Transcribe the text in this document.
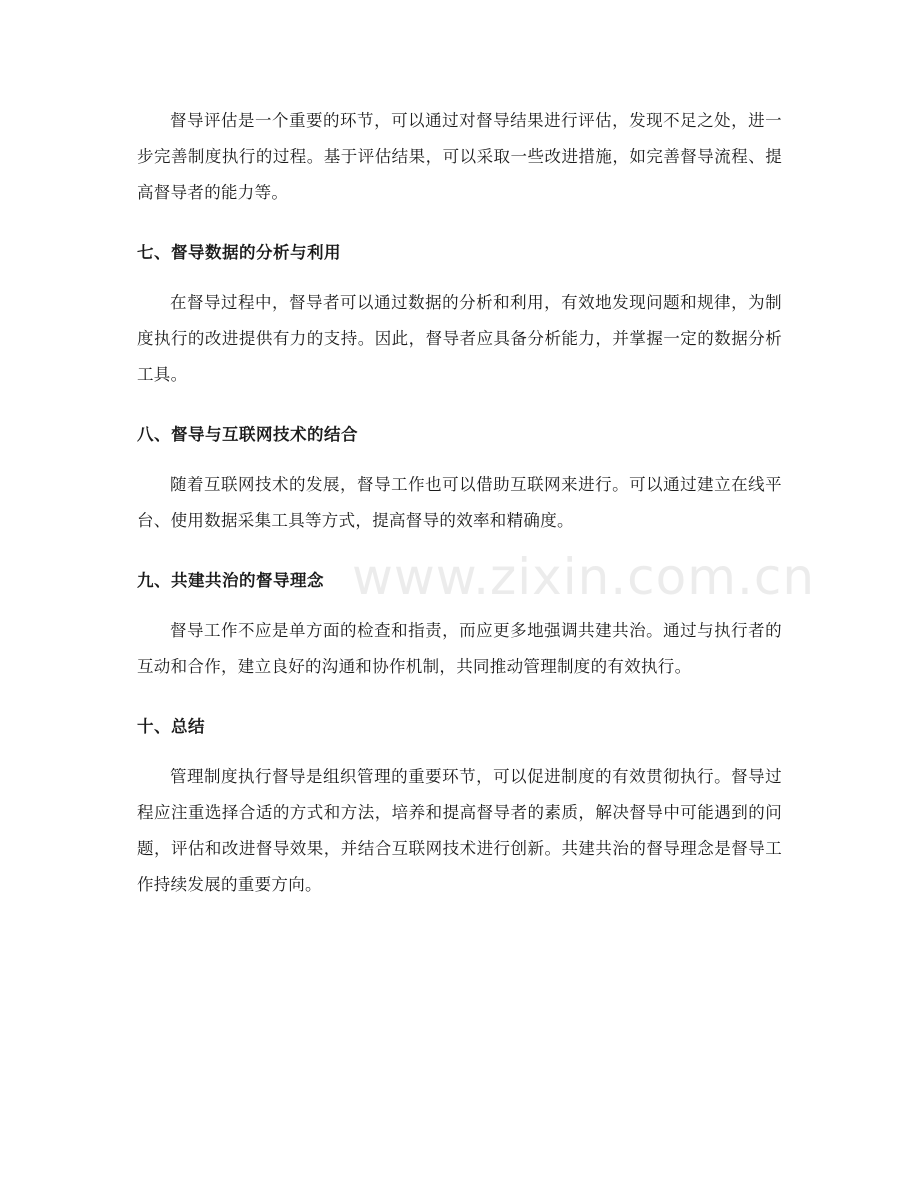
督导评估是一个重要的环节，可以通过对督导结果进行评估，发现不足之处，进一步完善制度执行的过程。基于评估结果，可以采取一些改进措施，如完善督导流程、提高督导者的能力等。

七、督导数据的分析与利用

在督导过程中，督导者可以通过数据的分析和利用，有效地发现问题和规律，为制度执行的改进提供有力的支持。因此，督导者应具备分析能力，并掌握一定的数据分析工具。

八、督导与互联网技术的结合

随着互联网技术的发展，督导工作也可以借助互联网来进行。可以通过建立在线平台、使用数据采集工具等方式，提高督导的效率和精确度。

九、共建共治的督导理念

督导工作不应是单方面的检查和指责，而应更多地强调共建共治。通过与执行者的互动和合作，建立良好的沟通和协作机制，共同推动管理制度的有效执行。

十、总结

管理制度执行督导是组织管理的重要环节，可以促进制度的有效贯彻执行。督导过程应注重选择合适的方式和方法，培养和提高督导者的素质，解决督导中可能遇到的问题，评估和改进督导效果，并结合互联网技术进行创新。共建共治的督导理念是督导工作持续发展的重要方向。

www.zixin.com.cn
